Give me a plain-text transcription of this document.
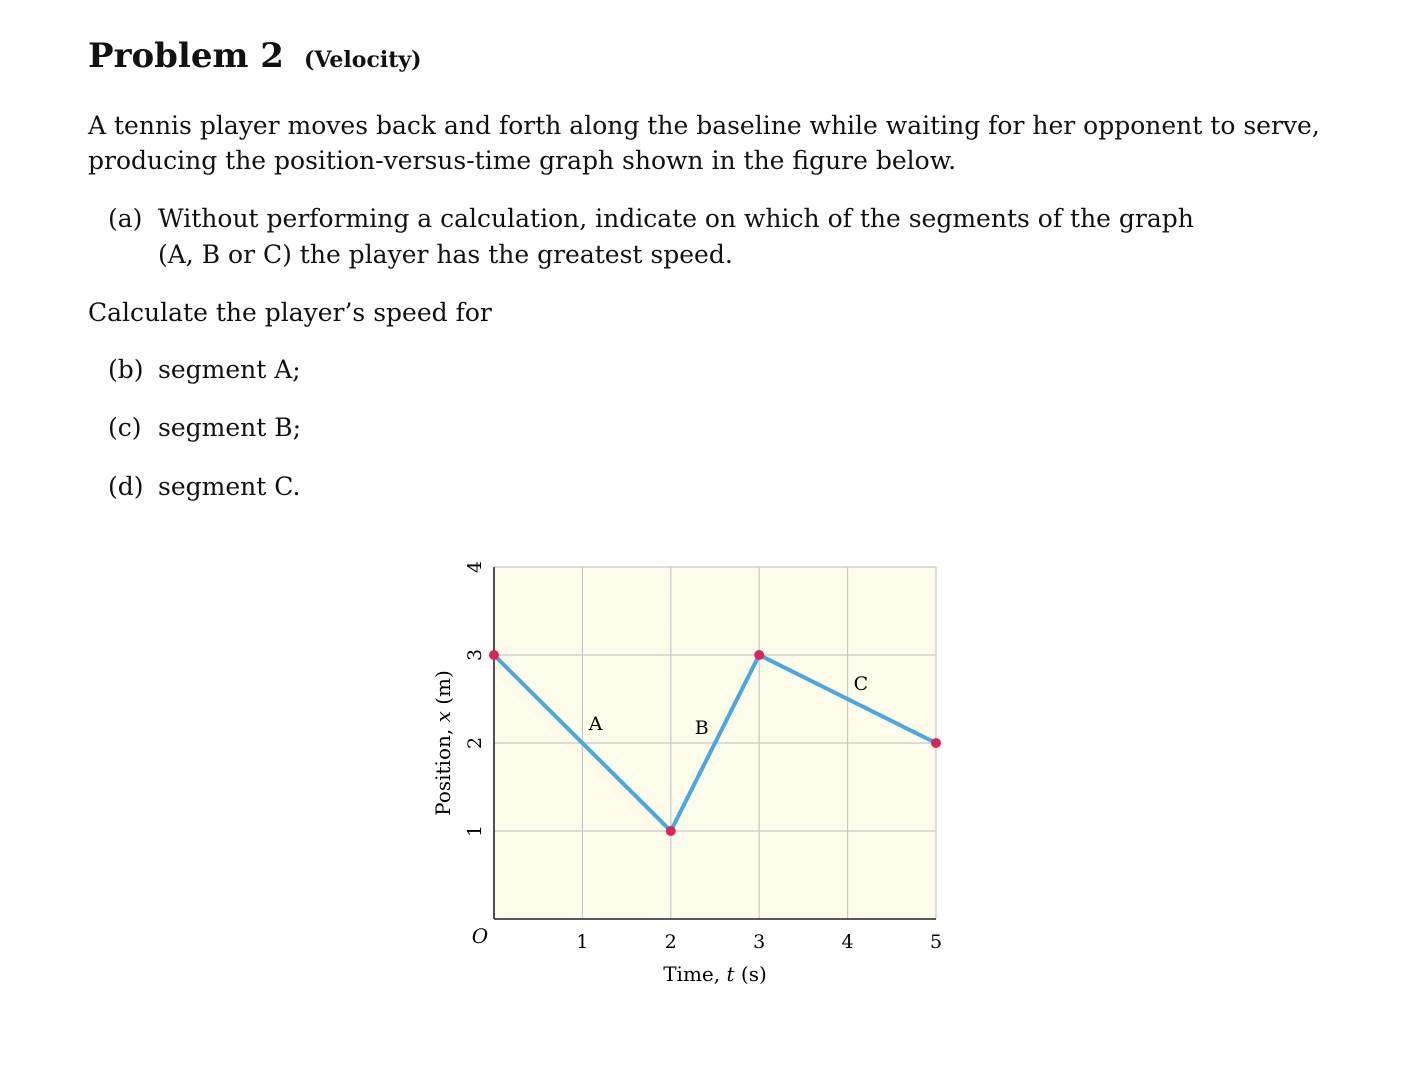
Problem 2 (Velocity)
A tennis player moves back and forth along the baseline while waiting for her opponent to serve, producing the position-versus-time graph shown in the figure below.
(a) Without performing a calculation, indicate on which of the segments of the graph
(A, B or C) the player has the greatest speed.
Calculate the player’s speed for
(b) segment A;
(c) segment B;
(d) segment C.
1	2	3	4	5
1
2
3
4
A	B
C
O
Time, t (s)
Position, x (m)
